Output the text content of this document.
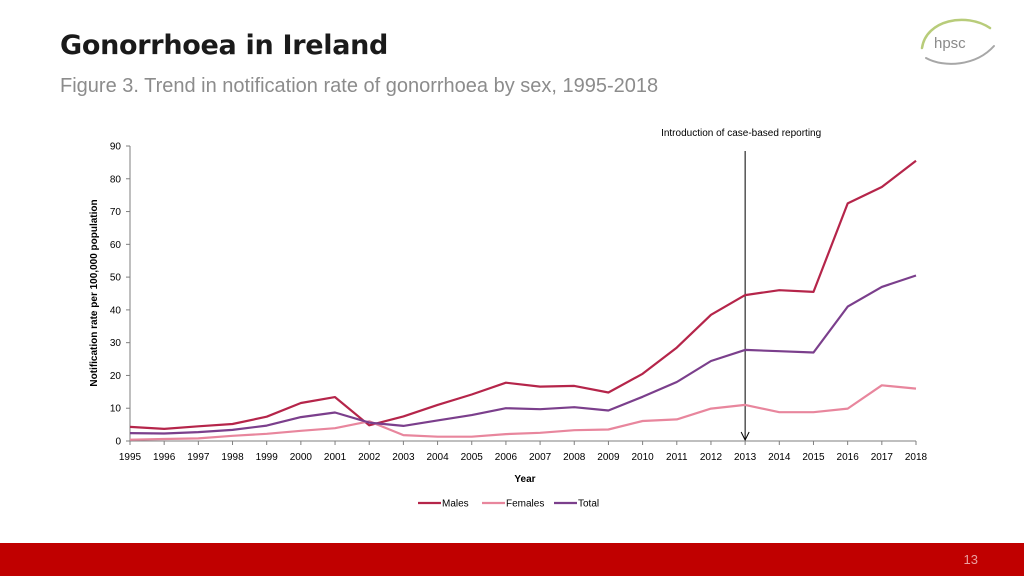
Gonorrhoea in Ireland

Figure 3. Trend in notification rate of gonorrhoea by sex, 1995-2018

hpsc
0
10
20
30
40
50
60
70
80
90
1995 1996 1997 1998 1999 2000 2001 2002 2003 2004 2005 2006 2007 2008 2009 2010 2011 2012 2013 2014 2015 2016 2017 2018
Notification rate per 100,000 population
Year
Introduction of case-based reporting
Males	Females	Total
13
